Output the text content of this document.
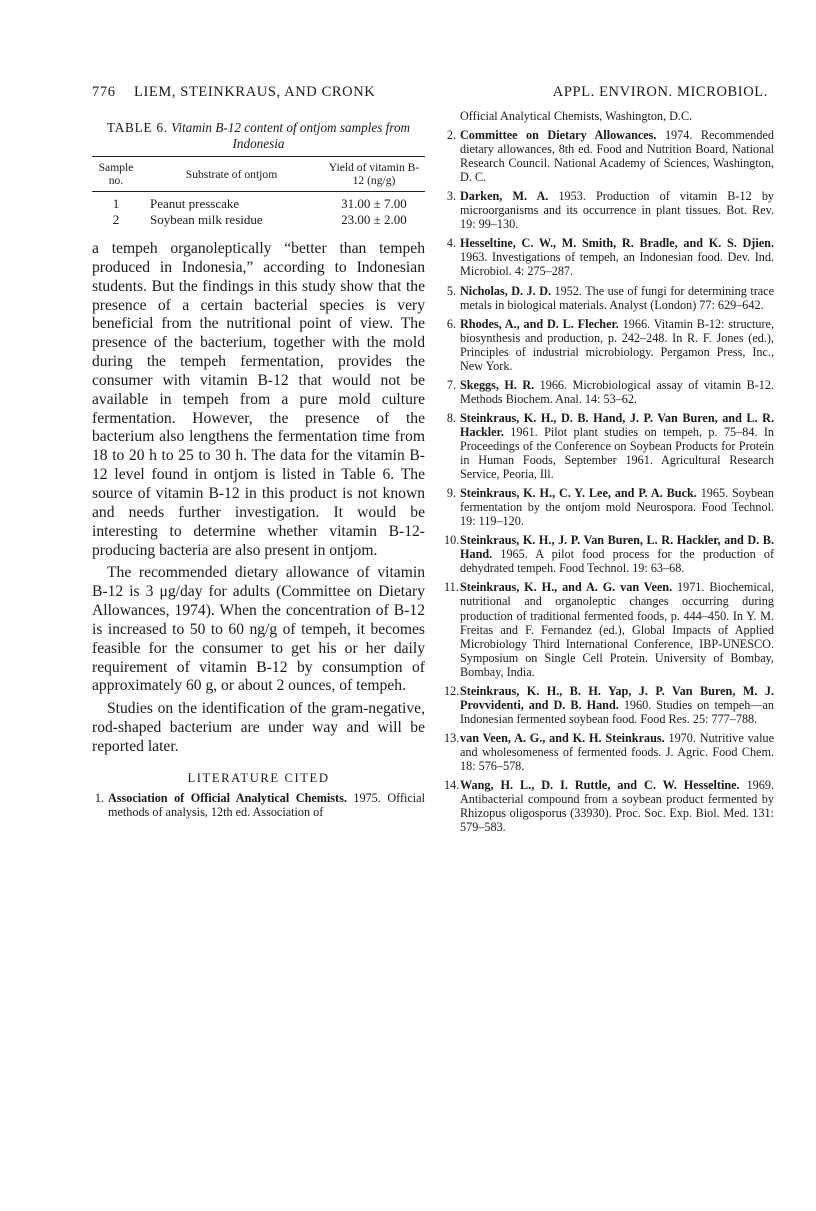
776 LIEM, STEINKRAUS, AND CRONK	APPL. ENVIRON. MICROBIOL.
TABLE 6. Vitamin B-12 content of ontjom samples from Indonesia
Sample no.	Substrate of ontjom	Yield of vitamin B-12 (ng/g)
1	Peanut presscake	31.00 ± 7.00
2	Soybean milk residue	23.00 ± 2.00

a tempeh organoleptically “better than tempeh produced in Indonesia,” according to Indonesian students. But the findings in this study show that the presence of a certain bacterial species is very beneficial from the nutritional point of view. The presence of the bacterium, together with the mold during the tempeh fermentation, provides the consumer with vitamin B-12 that would not be available in tempeh from a pure mold culture fermentation. However, the presence of the bacterium also lengthens the fermentation time from 18 to 20 h to 25 to 30 h. The data for the vitamin B-12 level found in ontjom is listed in Table 6. The source of vitamin B-12 in this product is not known and needs further investigation. It would be interesting to determine whether vitamin B-12-producing bacteria are also present in ontjom.

The recommended dietary allowance of vitamin B-12 is 3 μg/day for adults (Committee on Dietary Allowances, 1974). When the concentration of B-12 is increased to 50 to 60 ng/g of tempeh, it becomes feasible for the consumer to get his or her daily requirement of vitamin B-12 by consumption of approximately 60 g, or about 2 ounces, of tempeh.

Studies on the identification of the gram-negative, rod-shaped bacterium are under way and will be reported later.

LITERATURE CITED

1. Association of Official Analytical Chemists. 1975. Official methods of analysis, 12th ed. Association of

Official Analytical Chemists, Washington, D.C.

2. Committee on Dietary Allowances. 1974. Recommended dietary allowances, 8th ed. Food and Nutrition Board, National Research Council. National Academy of Sciences, Washington, D. C.

3. Darken, M. A. 1953. Production of vitamin B-12 by microorganisms and its occurrence in plant tissues. Bot. Rev. 19: 99–130.

4. Hesseltine, C. W., M. Smith, R. Bradle, and K. S. Djien. 1963. Investigations of tempeh, an Indonesian food. Dev. Ind. Microbiol. 4: 275–287.

5. Nicholas, D. J. D. 1952. The use of fungi for determining trace metals in biological materials. Analyst (London) 77: 629–642.

6. Rhodes, A., and D. L. Flecher. 1966. Vitamin B-12: structure, biosynthesis and production, p. 242–248. In R. F. Jones (ed.), Principles of industrial microbiology. Pergamon Press, Inc., New York.

7. Skeggs, H. R. 1966. Microbiological assay of vitamin B-12. Methods Biochem. Anal. 14: 53–62.

8. Steinkraus, K. H., D. B. Hand, J. P. Van Buren, and L. R. Hackler. 1961. Pilot plant studies on tempeh, p. 75–84. In Proceedings of the Conference on Soybean Products for Protein in Human Foods, September 1961. Agricultural Research Service, Peoria, Ill.

9. Steinkraus, K. H., C. Y. Lee, and P. A. Buck. 1965. Soybean fermentation by the ontjom mold Neurospora. Food Technol. 19: 119–120.

10. Steinkraus, K. H., J. P. Van Buren, L. R. Hackler, and D. B. Hand. 1965. A pilot food process for the production of dehydrated tempeh. Food Technol. 19: 63–68.

11. Steinkraus, K. H., and A. G. van Veen. 1971. Biochemical, nutritional and organoleptic changes occurring during production of traditional fermented foods, p. 444–450. In Y. M. Freitas and F. Fernandez (ed.), Global Impacts of Applied Microbiology Third International Conference, IBP-UNESCO. Symposium on Single Cell Protein. University of Bombay, Bombay, India.

12. Steinkraus, K. H., B. H. Yap, J. P. Van Buren, M. J. Provvidenti, and D. B. Hand. 1960. Studies on tempeh—an Indonesian fermented soybean food. Food Res. 25: 777–788.

13. van Veen, A. G., and K. H. Steinkraus. 1970. Nutritive value and wholesomeness of fermented foods. J. Agric. Food Chem. 18: 576–578.

14. Wang, H. L., D. I. Ruttle, and C. W. Hesseltine. 1969. Antibacterial compound from a soybean product fermented by Rhizopus oligosporus (33930). Proc. Soc. Exp. Biol. Med. 131: 579–583.
